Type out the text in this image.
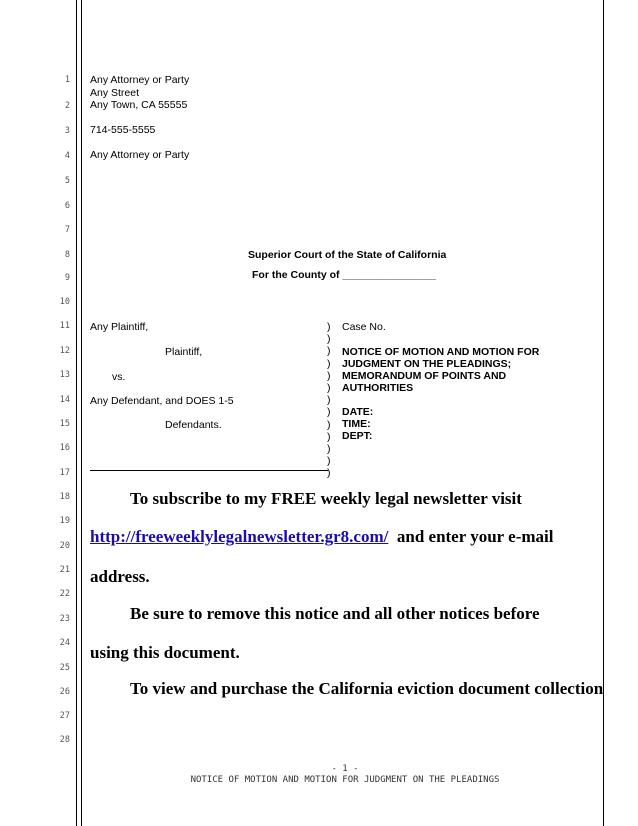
1
2
3
4
5
6
7
8
9
10
11
12
13
14
15
16
17
18
19
20
21
22
23
24
25
26
27
28
Any Attorney or Party
Any Street
Any Town, CA 55555
714-555-5555
Any Attorney or Party
Superior Court of the State of California
For the County of ________________
Any Plaintiff,
Plaintiff,
vs.
Any Defendant, and DOES 1-5
Defendants.
)
)
)
)
)
)
)
)
)
)
)
)
)
Case No.
NOTICE OF MOTION AND MOTION FOR
JUDGMENT ON THE PLEADINGS;
MEMORANDUM OF POINTS AND
AUTHORITIES
DATE:
TIME:
DEPT:
To subscribe to my FREE weekly legal newsletter visit
http://freeweeklylegalnewsletter.gr8.com/ and enter your e-mail
address.
Be sure to remove this notice and all other notices before
using this document.
To view and purchase the California eviction document collection
- 1 -
NOTICE OF MOTION AND MOTION FOR JUDGMENT ON THE PLEADINGS
